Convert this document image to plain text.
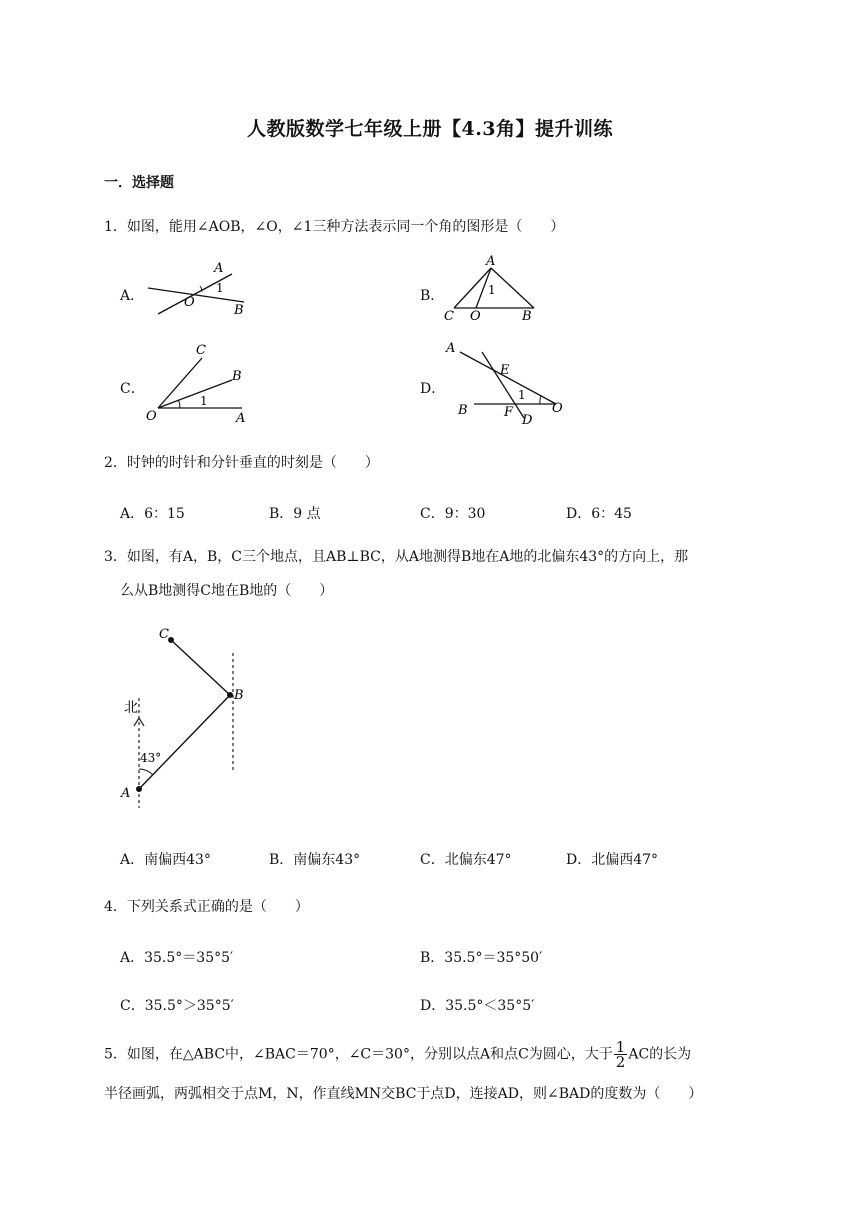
人教版数学七年级上册【4.3角】提升训练
一．选择题
1．如图，能用∠AOB，∠O，∠1三种方法表示同一个角的图形是（　　）
A．
A
1
O
B
B．
A
1
C O	B
C．
C
B
1
O	A
D．
A
E
1
B	F
D
O
2．时钟的时针和分针垂直的时刻是（　　）
A．6：15	B．9 点	C．9：30	D．6：45
3．如图，有A，B，C三个地点，且AB⊥BC，从A地测得B地在A地的北偏东43°的方向上，那
么从B地测得C地在B地的（　　）
北
43°
A
B
C
A．南偏西43°	B．南偏东43°	C．北偏东47°	D．北偏西47°
4．下列关系式正确的是（　　）
A．35.5°＝35°5′	B．35.5°＝35°50′
C．35.5°＞35°5′	D．35.5°＜35°5′
5．如图，在△ABC中，∠BAC＝70°，∠C＝30°，分别以点A和点C为圆心，大于 $\frac{1}{2}$ AC的长为
半径画弧，两弧相交于点M，N，作直线MN交BC于点D，连接AD，则∠BAD的度数为（　　）
